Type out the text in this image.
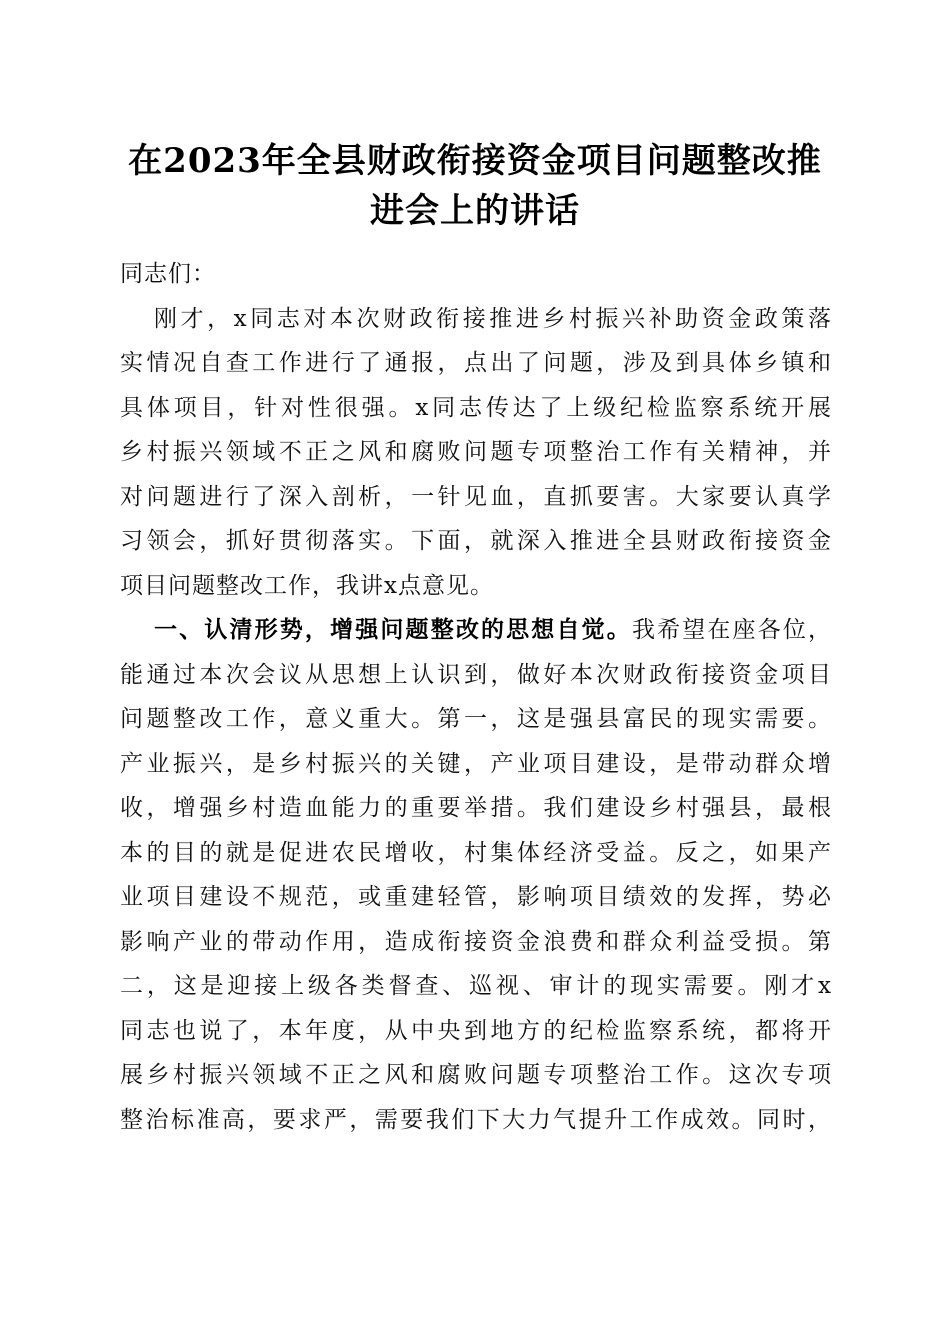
在2023年全县财政衔接资金项目问题整改推
进会上的讲话
同志们：
刚才，x同志对本次财政衔接推进乡村振兴补助资金政策落
实情况自查工作进行了通报，点出了问题，涉及到具体乡镇和
具体项目，针对性很强。x同志传达了上级纪检监察系统开展
乡村振兴领域不正之风和腐败问题专项整治工作有关精神，并
对问题进行了深入剖析，一针见血，直抓要害。大家要认真学
习领会，抓好贯彻落实。下面，就深入推进全县财政衔接资金
项目问题整改工作，我讲x点意见。
一、认清形势，增强问题整改的思想自觉。我希望在座各位，
能通过本次会议从思想上认识到，做好本次财政衔接资金项目
问题整改工作，意义重大。第一，这是强县富民的现实需要。
产业振兴，是乡村振兴的关键，产业项目建设，是带动群众增
收，增强乡村造血能力的重要举措。我们建设乡村强县，最根
本的目的就是促进农民增收，村集体经济受益。反之，如果产
业项目建设不规范，或重建轻管，影响项目绩效的发挥，势必
影响产业的带动作用，造成衔接资金浪费和群众利益受损。第
二，这是迎接上级各类督查、巡视、审计的现实需要。刚才x
同志也说了，本年度，从中央到地方的纪检监察系统，都将开
展乡村振兴领域不正之风和腐败问题专项整治工作。这次专项
整治标准高，要求严，需要我们下大力气提升工作成效。同时，
